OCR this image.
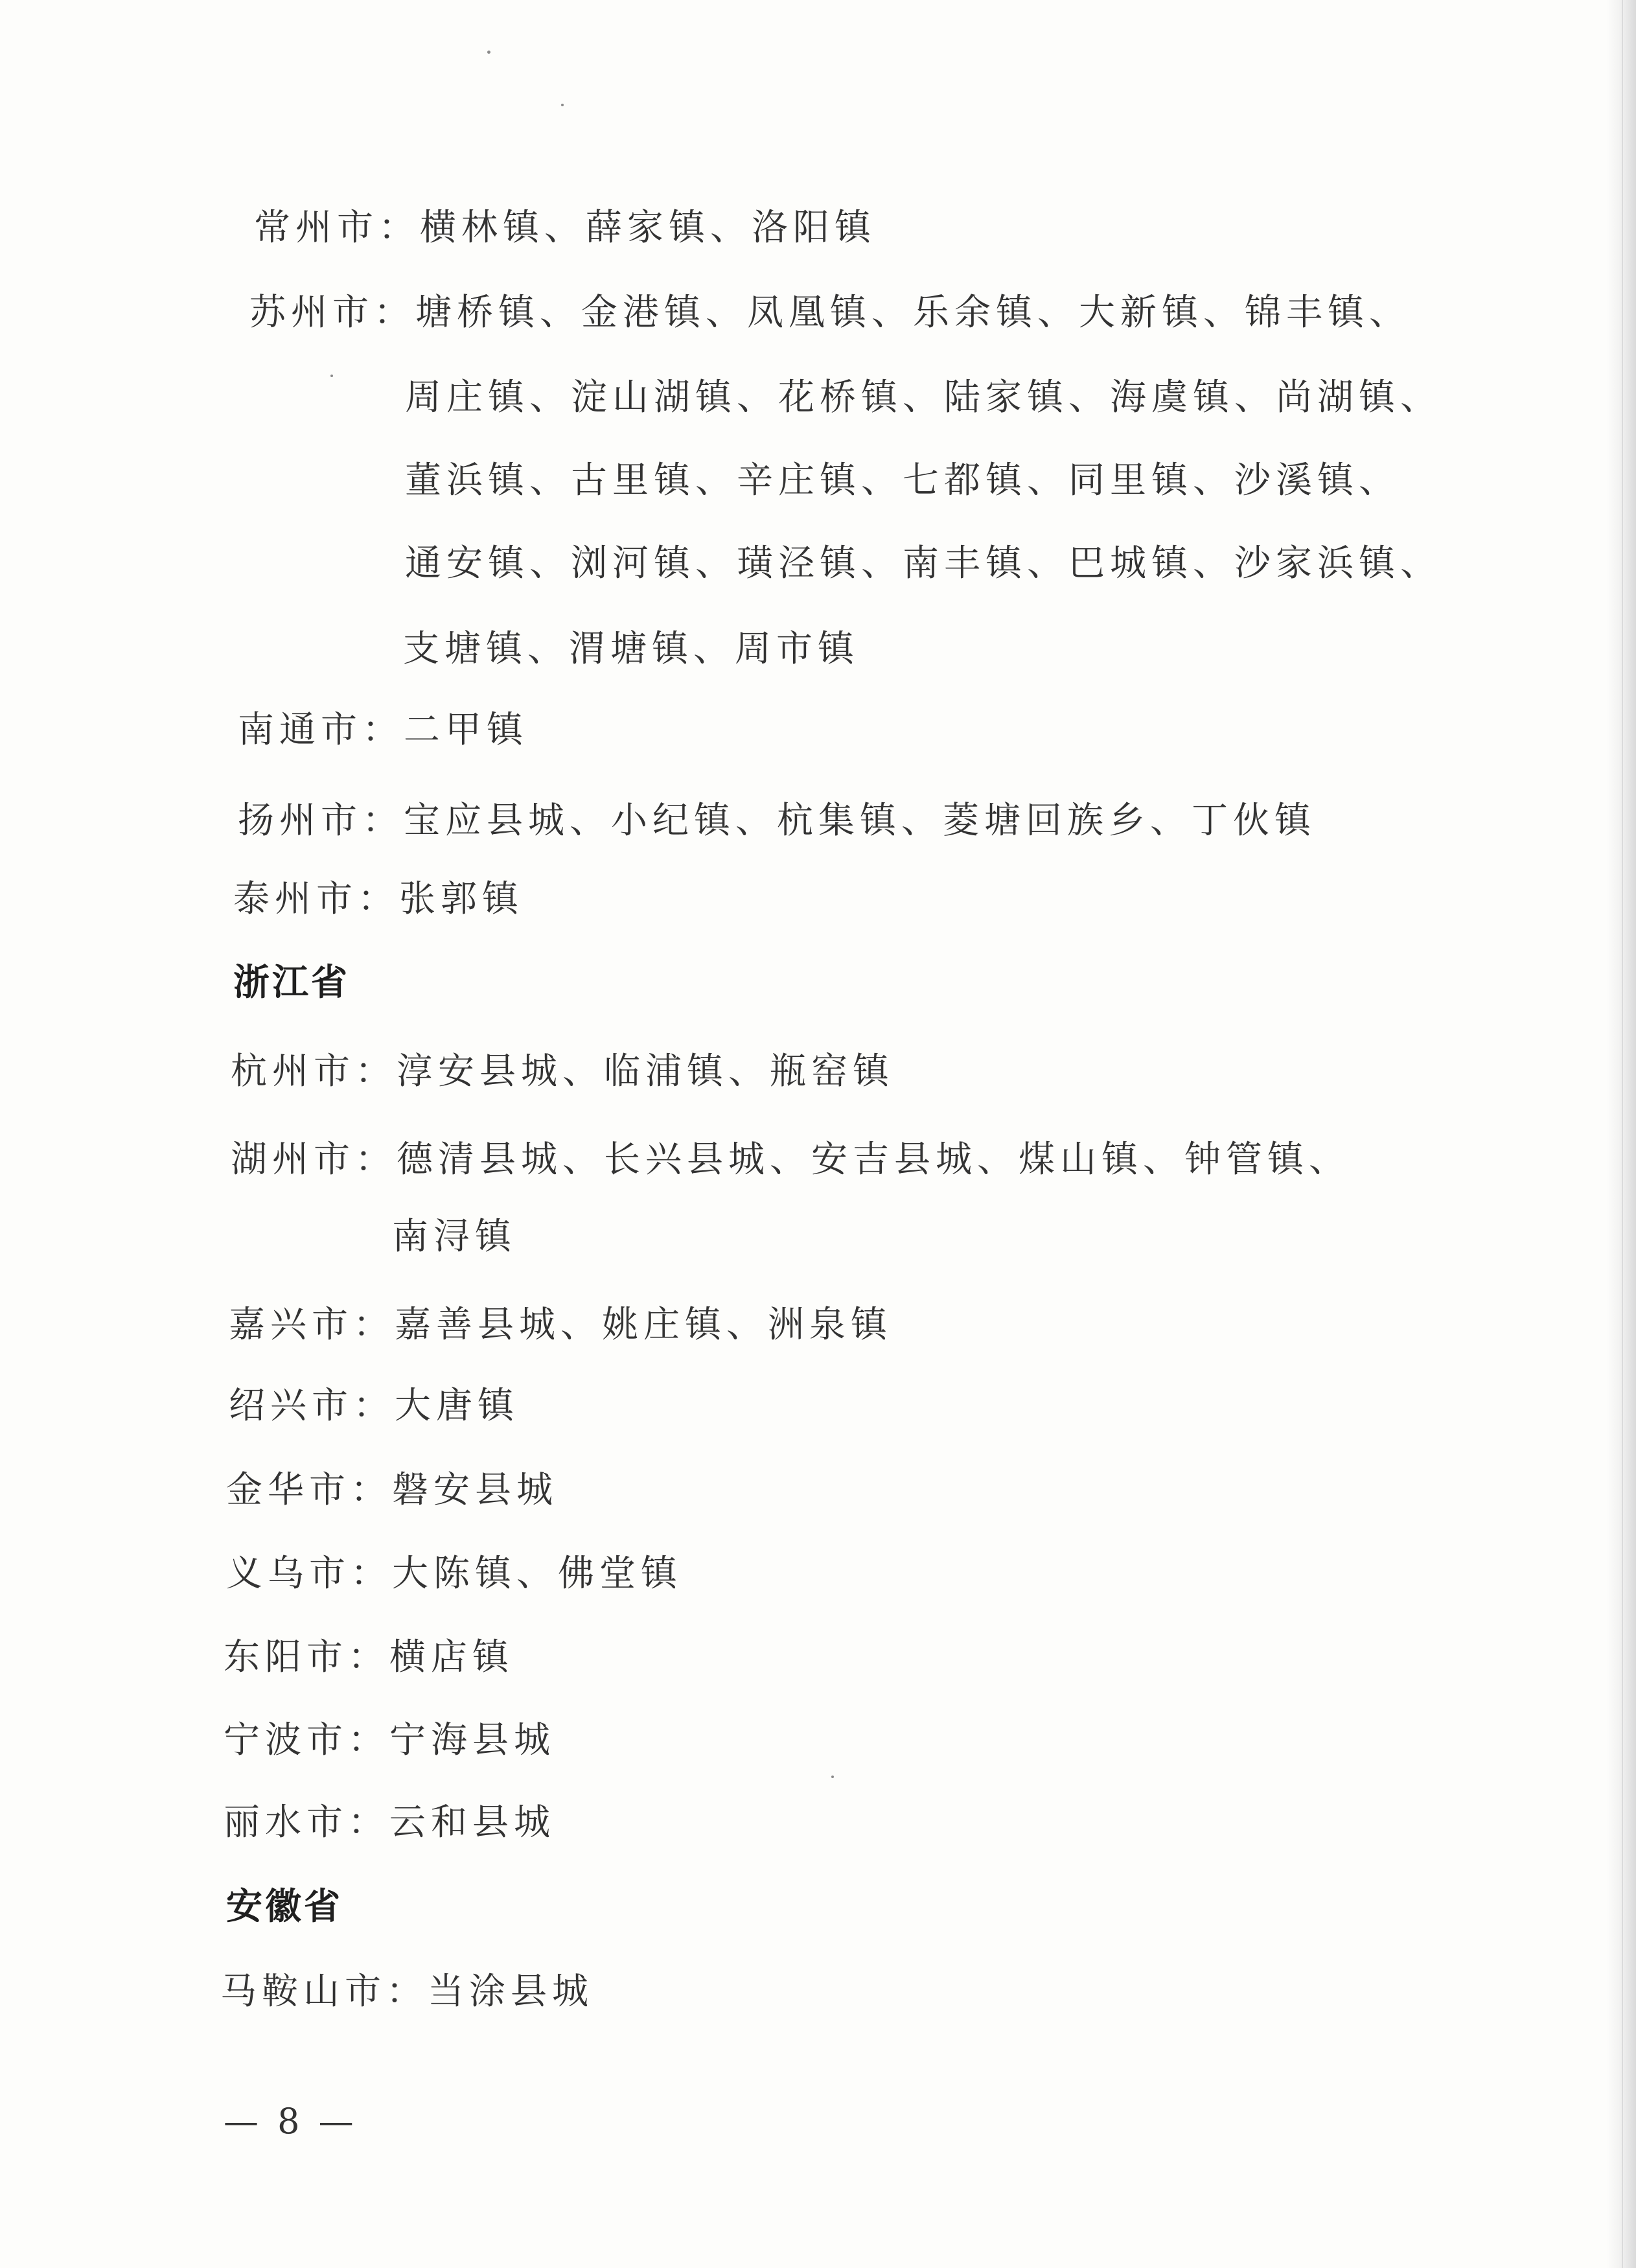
常州市：横林镇、薛家镇、洛阳镇
苏州市：塘桥镇、金港镇、凤凰镇、乐余镇、大新镇、锦丰镇、
周庄镇、淀山湖镇、花桥镇、陆家镇、海虞镇、尚湖镇、
董浜镇、古里镇、辛庄镇、七都镇、同里镇、沙溪镇、
通安镇、浏河镇、璜泾镇、南丰镇、巴城镇、沙家浜镇、
支塘镇、渭塘镇、周市镇
南通市：二甲镇
扬州市：宝应县城、小纪镇、杭集镇、菱塘回族乡、丁伙镇
泰州市：张郭镇
浙江省
杭州市：淳安县城、临浦镇、瓶窑镇
湖州市：德清县城、长兴县城、安吉县城、煤山镇、钟管镇、
南浔镇
嘉兴市：嘉善县城、姚庄镇、洲泉镇
绍兴市：大唐镇
金华市：磐安县城
义乌市：大陈镇、佛堂镇
东阳市：横店镇
宁波市：宁海县城
丽水市：云和县城
安徽省
马鞍山市：当涂县城
— 8 —
